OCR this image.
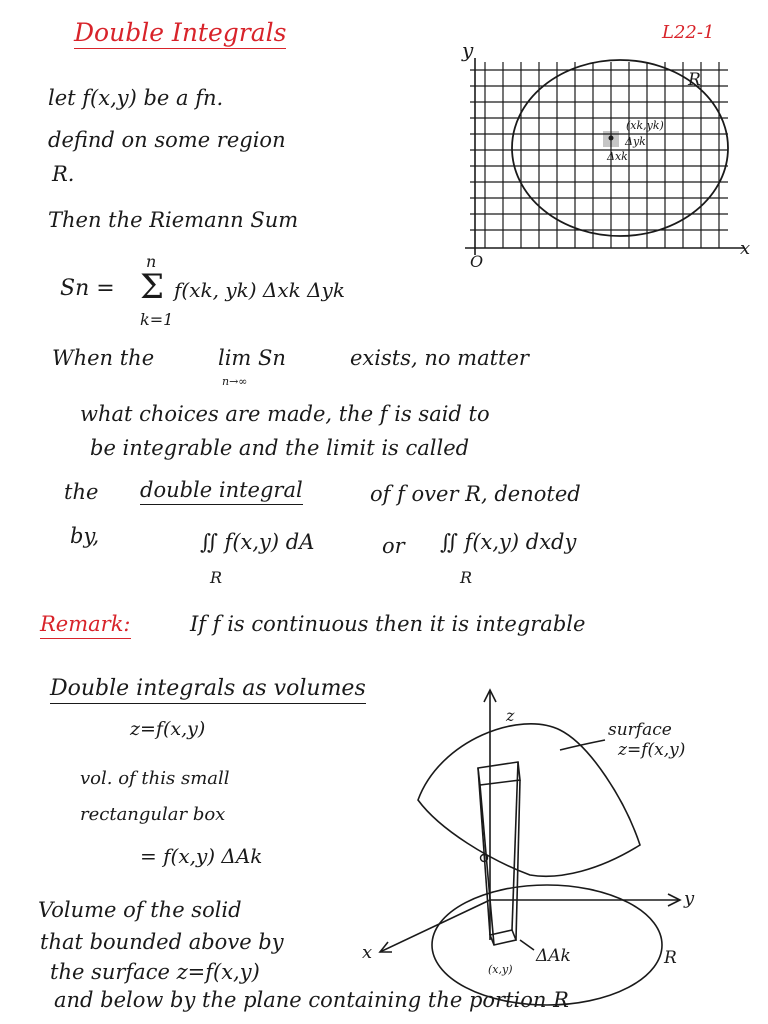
Double Integrals	L22-1
let f(x,y) be a fn.
defind on some region
R.
Then the Riemann Sum
Sn =
n
Σ
k=1
f(xk, yk) Δxk Δyk
When the	lim Sn
n→∞
exists, no matter
what choices are made, the f is said to
be integrable and the limit is called
the double integral	of f over R, denoted
by,	∬ f(x,y) dA
R
or ∬ f(x,y) dxdy
R
Remark:	If f is continuous then it is integrable
Double integrals as volumes
z=f(x,y)
vol. of this small
rectangular box
= f(x,y) ΔAk
Volume of the solid
that bounded above by
the surface z=f(x,y)
and below by the plane containing the portion R
y
x
O
R
(xk,yk)
Δyk
Δxk
z
y
x
surface
z=f(x,y)
ΔAk
(x,y)
R
